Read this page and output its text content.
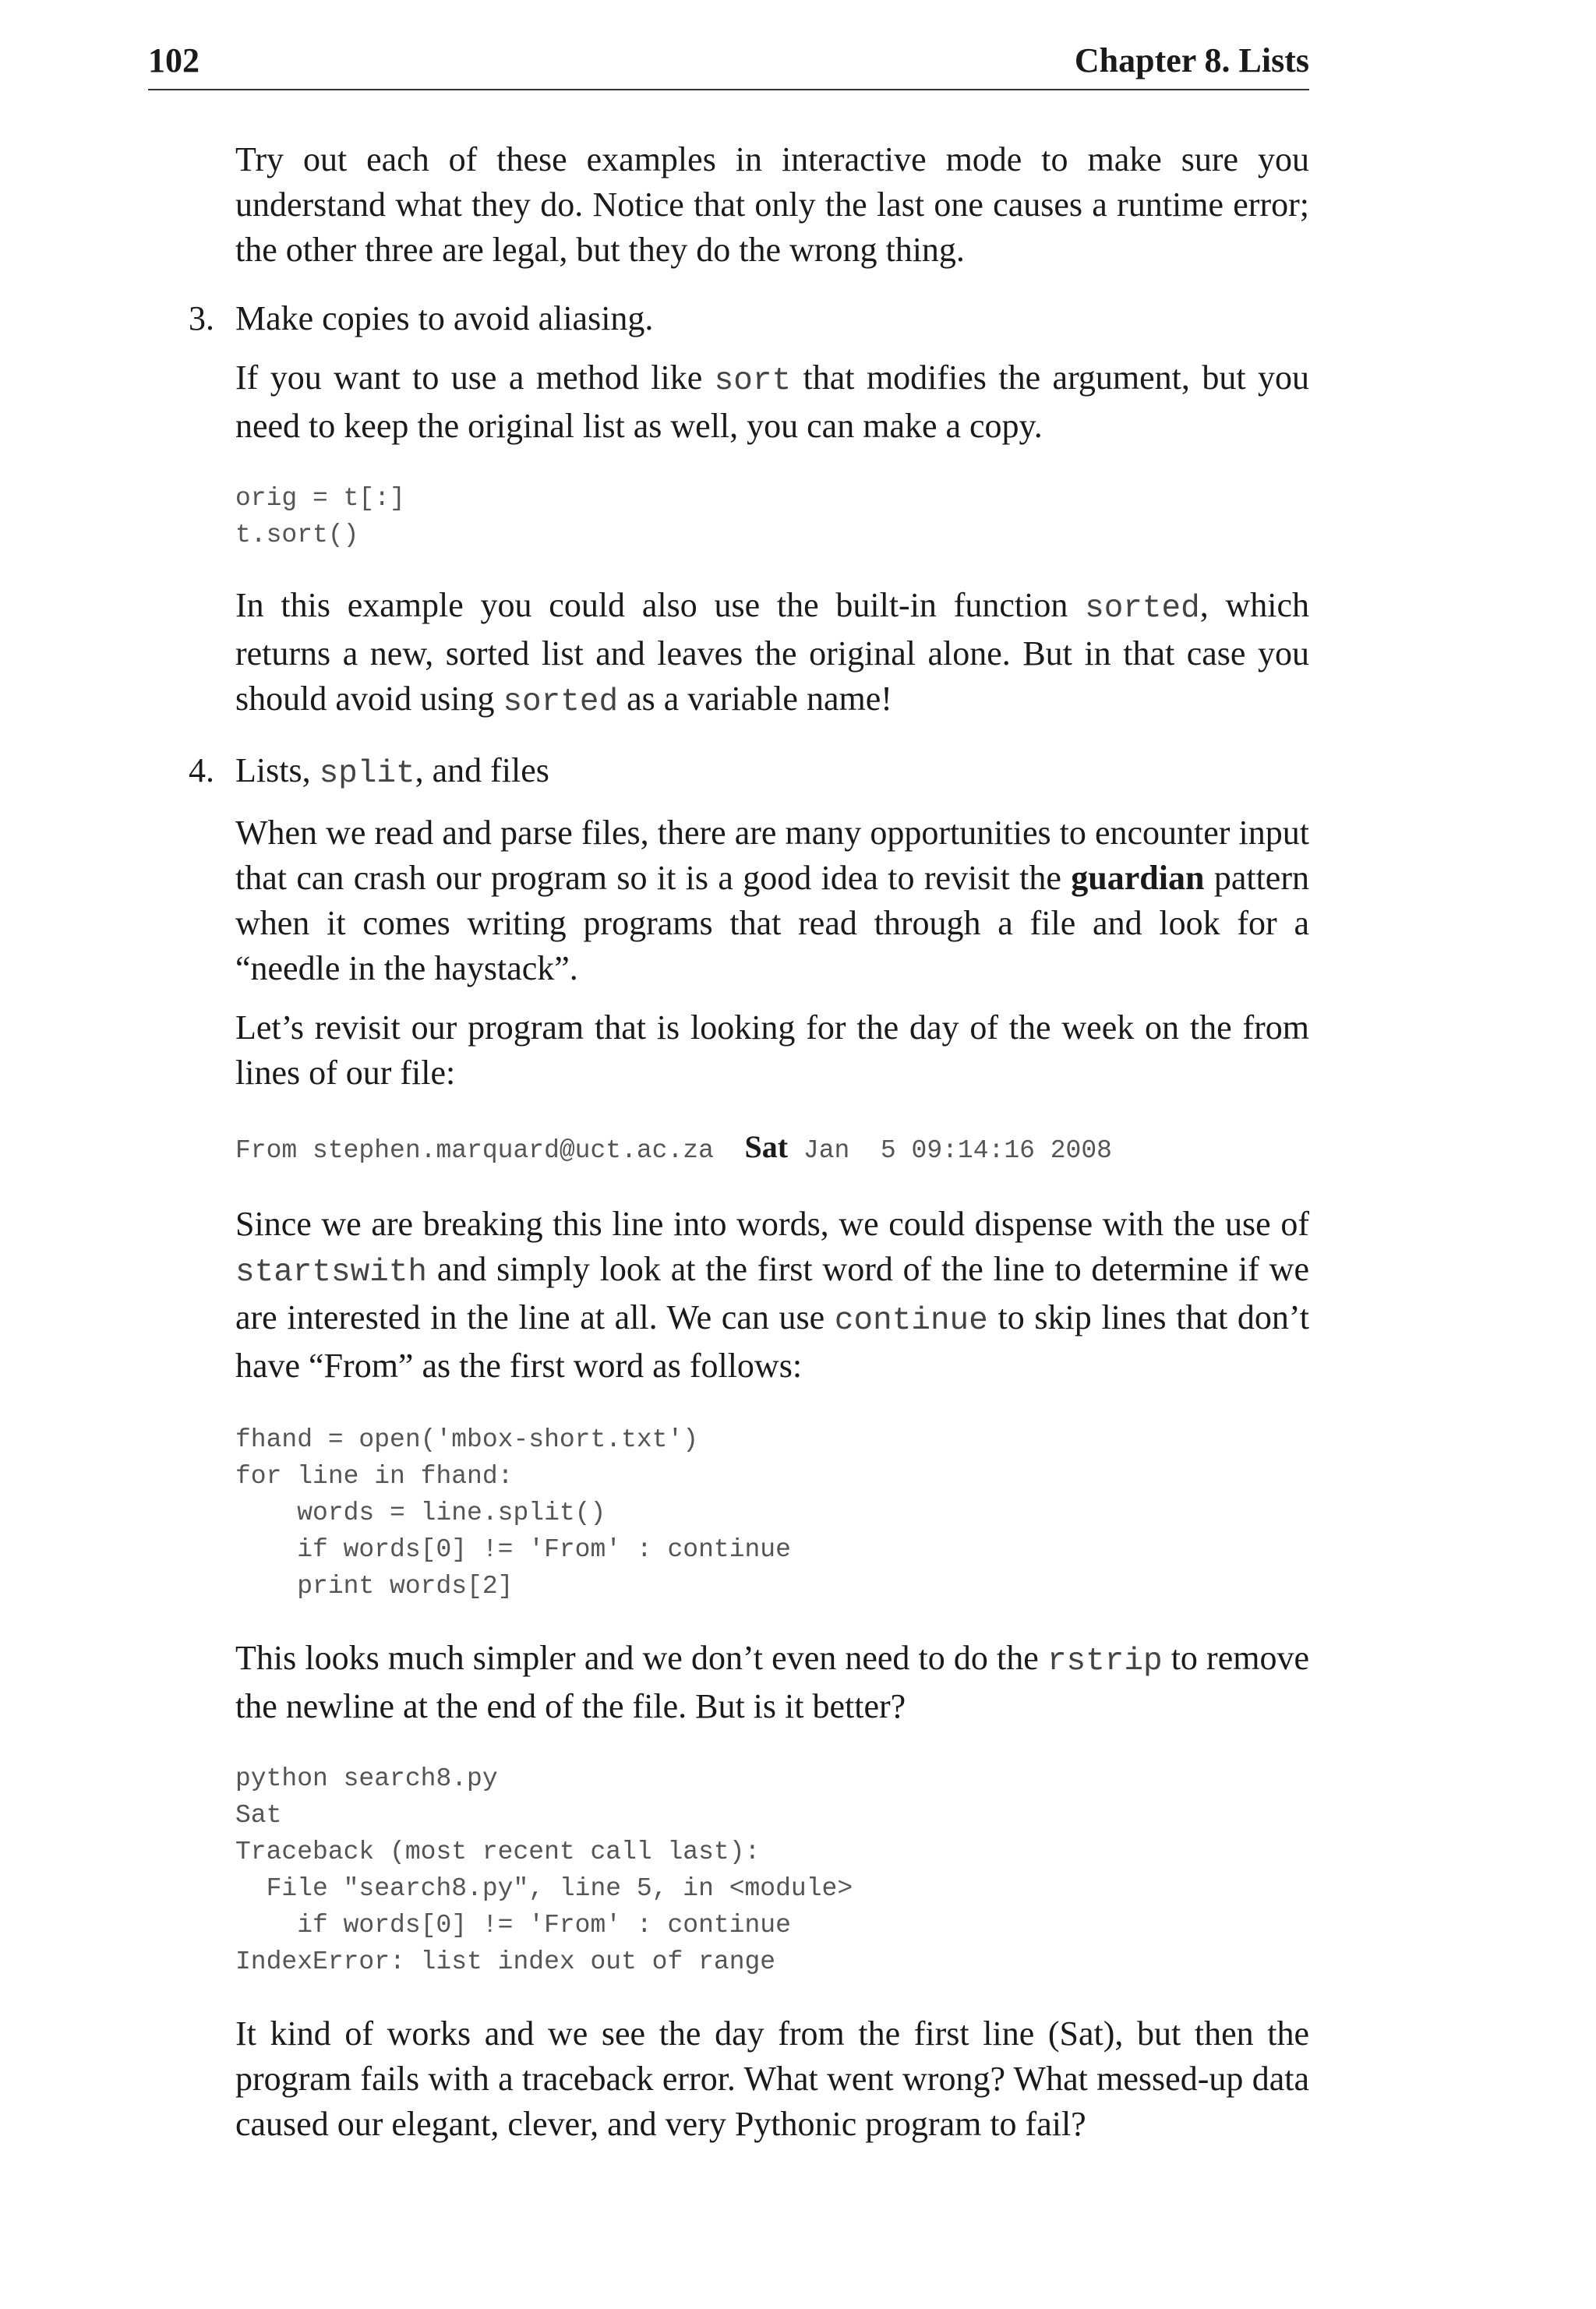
102	Chapter 8. Lists

Try out each of these examples in interactive mode to make sure you understand what they do. Notice that only the last one causes a runtime error; the other three are legal, but they do the wrong thing.

3. Make copies to avoid aliasing.

If you want to use a method like sort that modifies the argument, but you need to keep the original list as well, you can make a copy.

orig = t[:]
t.sort()

In this example you could also use the built-in function sorted, which returns a new, sorted list and leaves the original alone. But in that case you should avoid using sorted as a variable name!

4. Lists, split, and files

When we read and parse files, there are many opportunities to encounter input that can crash our program so it is a good idea to revisit the guardian pattern when it comes writing programs that read through a file and look for a “needle in the haystack”.

Let’s revisit our program that is looking for the day of the week on the from lines of our file:

From stephen.marquard@uct.ac.za  Sat Jan  5 09:14:16 2008

Since we are breaking this line into words, we could dispense with the use of startswith and simply look at the first word of the line to determine if we are interested in the line at all. We can use continue to skip lines that don’t have “From” as the first word as follows:

fhand = open('mbox-short.txt')
for line in fhand:
words = line.split()
if words[0] != 'From' : continue
print words[2]

This looks much simpler and we don’t even need to do the rstrip to remove the newline at the end of the file. But is it better?

python search8.py
Sat
Traceback (most recent call last):
File "search8.py", line 5, in <module>
if words[0] != 'From' : continue
IndexError: list index out of range

It kind of works and we see the day from the first line (Sat), but then the program fails with a traceback error. What went wrong? What messed-up data caused our elegant, clever, and very Pythonic program to fail?
